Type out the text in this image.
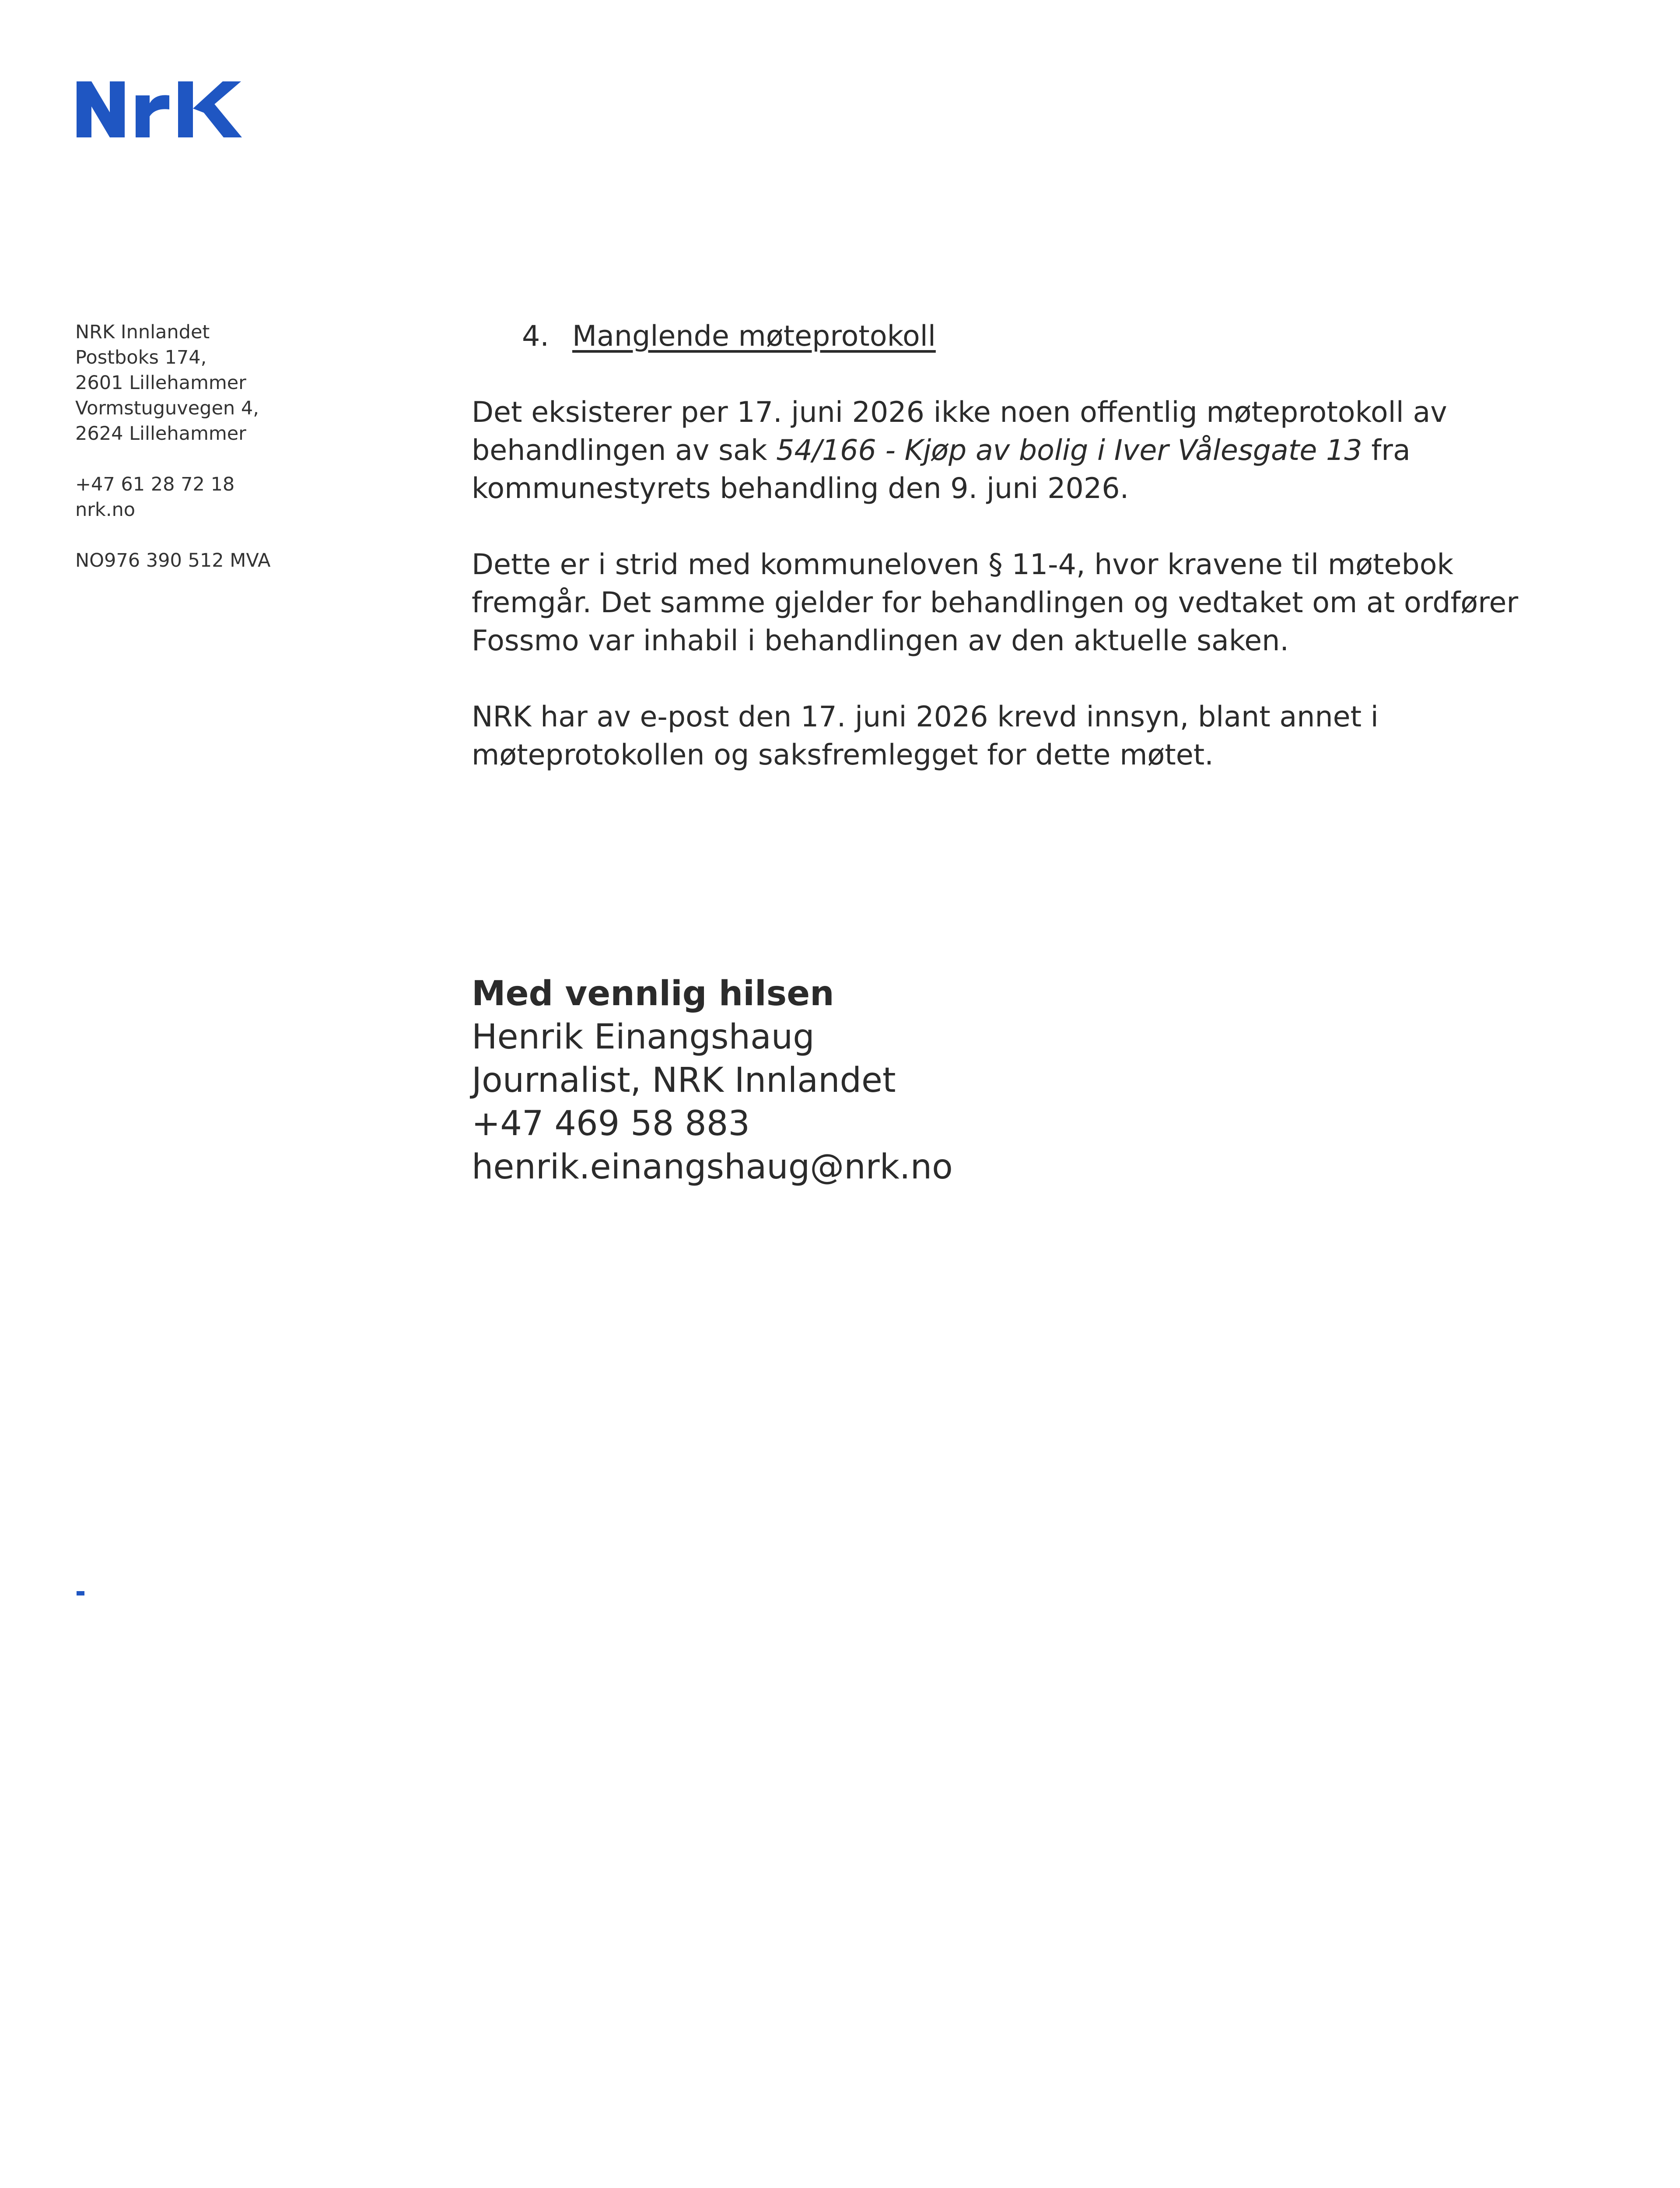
NRK Innlandet
Postboks 174,
2601 Lillehammer
Vormstuguvegen 4,
2624 Lillehammer
+47 61 28 72 18
nrk.no
NO976 390 512 MVA
4. Manglende møteprotokoll

Det eksisterer per 17. juni 2026 ikke noen offentlig møteprotokoll av behandlingen av sak 54/166 - Kjøp av bolig i Iver Vålesgate 13 fra kommunestyrets behandling den 9. juni 2026.

Dette er i strid med kommuneloven § 11-4, hvor kravene til møtebok fremgår. Det samme gjelder for behandlingen og vedtaket om at ordfører Fossmo var inhabil i behandlingen av den aktuelle saken.

NRK har av e-post den 17. juni 2026 krevd innsyn, blant annet i møteprotokollen og saksfremlegget for dette møtet.

Med vennlig hilsen
Henrik Einangshaug
Journalist, NRK Innlandet
+47 469 58 883
henrik.einangshaug@nrk.no
